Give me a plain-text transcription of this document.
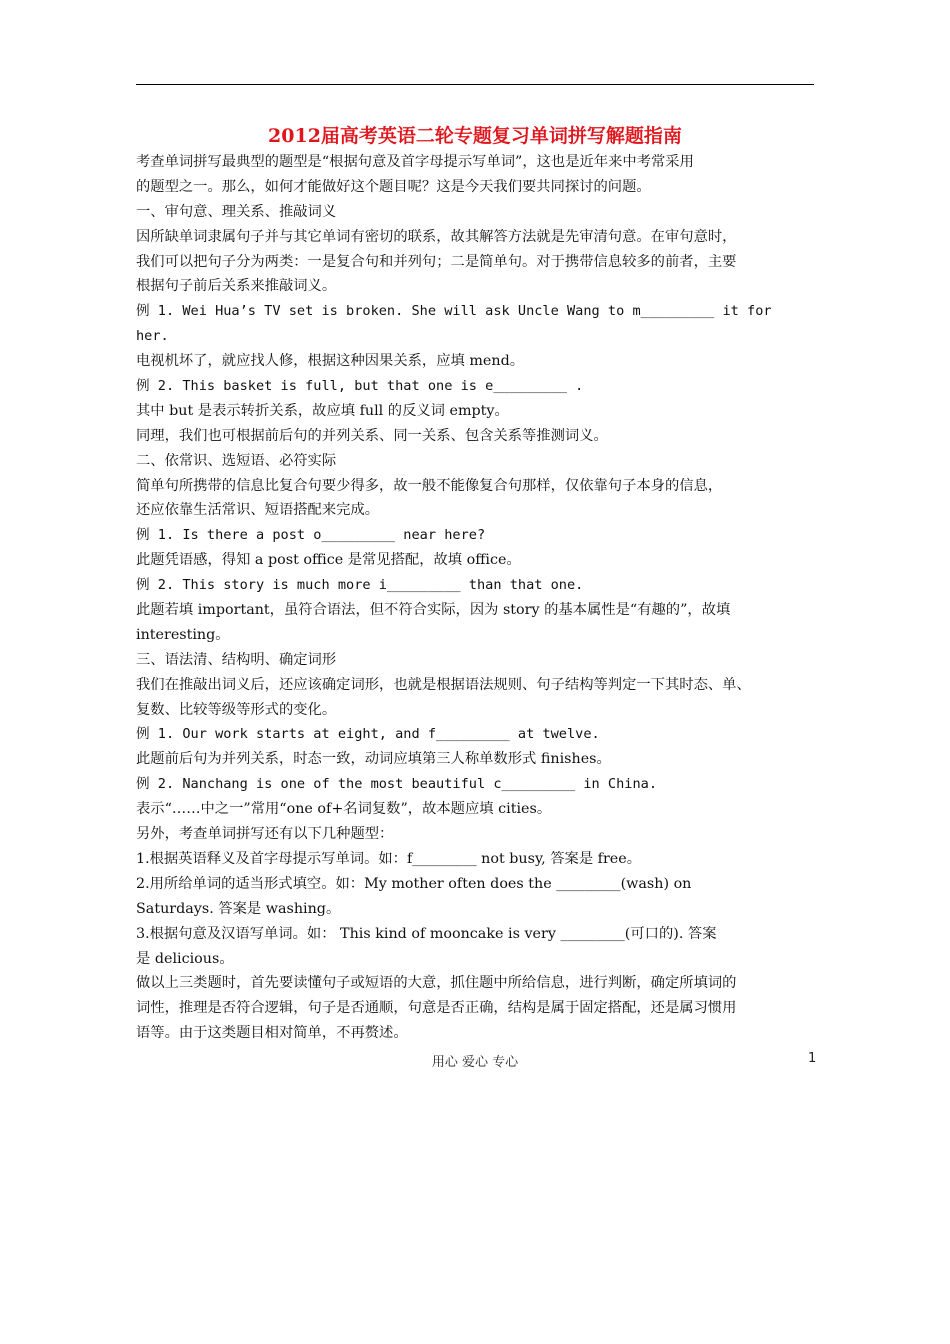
2012届高考英语二轮专题复习单词拼写解题指南
考查单词拼写最典型的题型是“根据句意及首字母提示写单词”，这也是近年来中考常采用
的题型之一。那么，如何才能做好这个题目呢？这是今天我们要共同探讨的问题。
一、审句意、理关系、推敲词义
因所缺单词隶属句子并与其它单词有密切的联系，故其解答方法就是先审清句意。在审句意时，
我们可以把句子分为两类：一是复合句和并列句；二是简单句。对于携带信息较多的前者，主要
根据句子前后关系来推敲词义。
例 1. Wei Hua’s TV set is broken. She will ask Uncle Wang to m_________ it for
her.
电视机坏了，就应找人修，根据这种因果关系，应填 mend。
例 2. This basket is full, but that one is e_________ .
其中 but 是表示转折关系，故应填 full 的反义词 empty。
同理，我们也可根据前后句的并列关系、同一关系、包含关系等推测词义。
二、依常识、选短语、必符实际
简单句所携带的信息比复合句要少得多，故一般不能像复合句那样，仅依靠句子本身的信息，
还应依靠生活常识、短语搭配来完成。
例 1. Is there a post o_________ near here?
此题凭语感，得知 a post office 是常见搭配，故填 office。
例 2. This story is much more i_________ than that one.
此题若填 important，虽符合语法，但不符合实际，因为 story 的基本属性是“有趣的”，故填
interesting。
三、语法清、结构明、确定词形
我们在推敲出词义后，还应该确定词形，也就是根据语法规则、句子结构等判定一下其时态、单、
复数、比较等级等形式的变化。
例 1. Our work starts at eight, and f_________ at twelve.
此题前后句为并列关系，时态一致，动词应填第三人称单数形式 finishes。
例 2. Nanchang is one of the most beautiful c_________ in China.
表示“……中之一”常用“one of+名词复数”，故本题应填 cities。
另外，考查单词拼写还有以下几种题型：
1.根据英语释义及首字母提示写单词。如：f_________ not busy, 答案是 free。
2.用所给单词的适当形式填空。如：My mother often does the _________(wash) on
Saturdays. 答案是 washing。
3.根据句意及汉语写单词。如： This kind of mooncake is very _________(可口的). 答案
是 delicious。
做以上三类题时，首先要读懂句子或短语的大意，抓住题中所给信息，进行判断，确定所填词的
词性，推理是否符合逻辑，句子是否通顺，句意是否正确，结构是属于固定搭配，还是属习惯用
语等。由于这类题目相对简单，不再赘述。
用心 爱心 专心	1
